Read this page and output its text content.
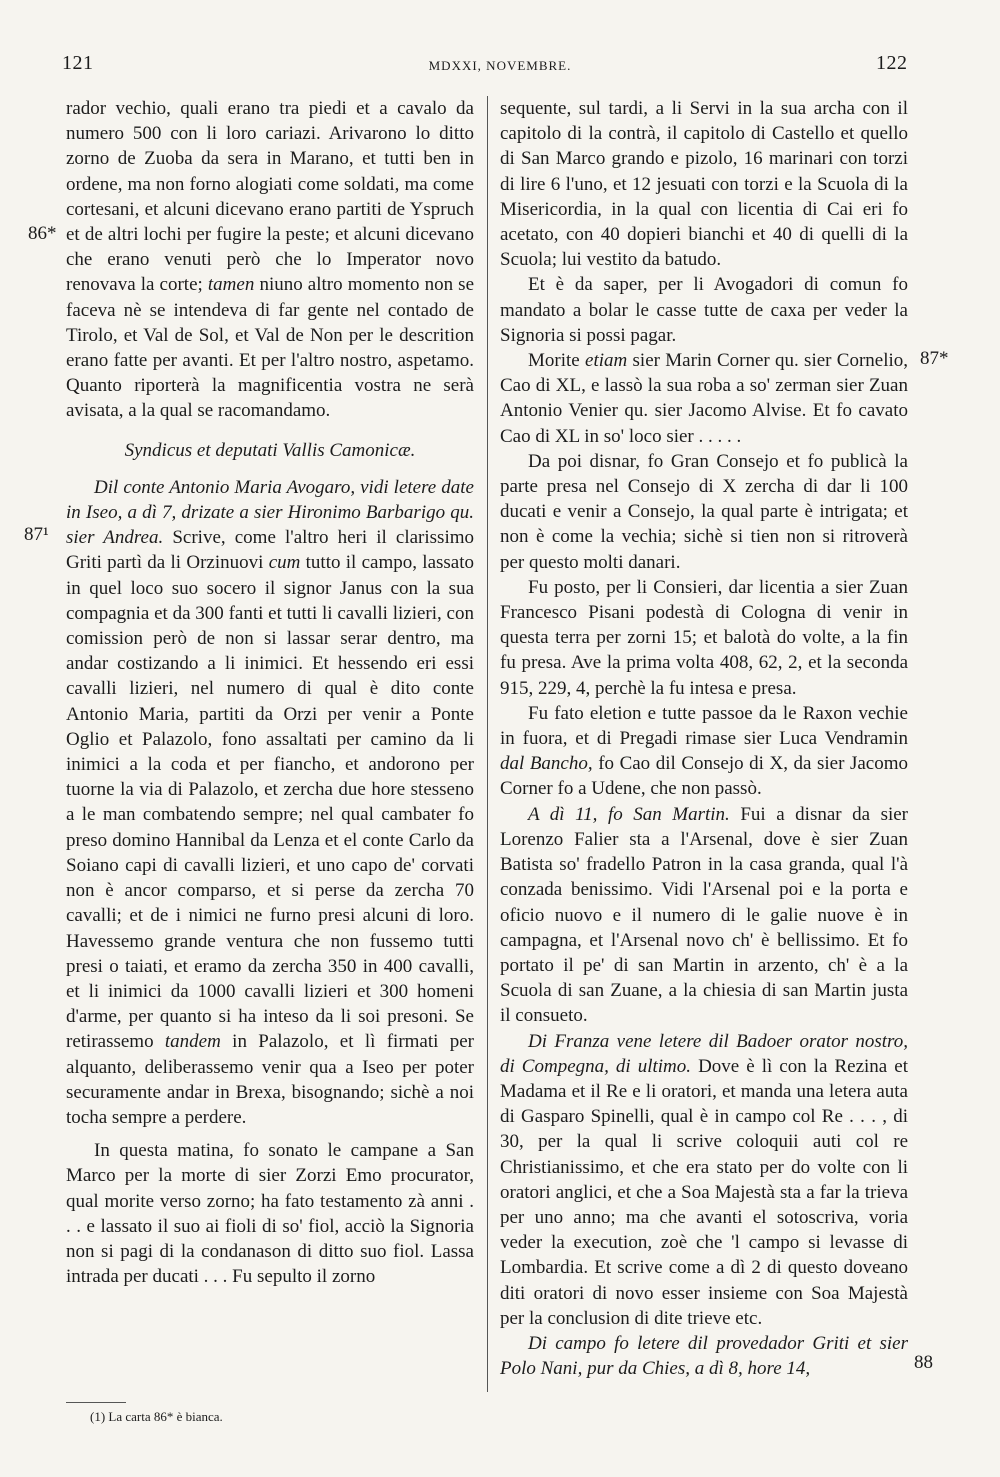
121	MDXXI, NOVEMBRE.	122
86*
87¹
87*
88

rador vechio, quali erano tra piedi et a cavalo da numero 500 con li loro cariazi. Arivarono lo ditto zorno de Zuoba da sera in Marano, et tutti ben in ordene, ma non forno alogiati come soldati, ma come cortesani, et alcuni dicevano erano partiti de Yspruch et de altri lochi per fugire la peste; et alcuni dicevano che erano venuti però che lo Imperator novo renovava la corte; tamen niuno altro momento non se faceva nè se intendeva di far gente nel contado de Tirolo, et Val de Sol, et Val de Non per le descrition erano fatte per avanti. Et per l'altro nostro, aspetamo. Quanto riporterà la magnificentia vostra ne serà avisata, a la qual se racomandamo.

Syndicus et deputati Vallis Camonicæ.

Dil conte Antonio Maria Avogaro, vidi letere date in Iseo, a dì 7, drizate a sier Hironimo Barbarigo qu. sier Andrea. Scrive, come l'altro heri il clarissimo Griti partì da li Orzinuovi cum tutto il campo, lassato in quel loco suo socero il signor Janus con la sua compagnia et da 300 fanti et tutti li cavalli lizieri, con comission però de non si lassar serar dentro, ma andar costizando a li inimici. Et hessendo eri essi cavalli lizieri, nel numero di qual è dito conte Antonio Maria, partiti da Orzi per venir a Ponte Oglio et Palazolo, fono assaltati per camino da li inimici a la coda et per fiancho, et andorono per tuorne la via di Palazolo, et zercha due hore stesseno a le man combatendo sempre; nel qual cambater fo preso domino Hannibal da Lenza et el conte Carlo da Soiano capi di cavalli lizieri, et uno capo de' corvati non è ancor comparso, et si perse da zercha 70 cavalli; et de i nimici ne furno presi alcuni di loro. Havessemo grande ventura che non fussemo tutti presi o taiati, et eramo da zercha 350 in 400 cavalli, et li inimici da 1000 cavalli lizieri et 300 homeni d'arme, per quanto si ha inteso da li soi presoni. Se retirassemo tandem in Palazolo, et lì firmati per alquanto, deliberassemo venir qua a Iseo per poter securamente andar in Brexa, bisognando; sichè a noi tocha sempre a perdere.

In questa matina, fo sonato le campane a San Marco per la morte di sier Zorzi Emo procurator, qual morite verso zorno; ha fato testamento zà anni . . . e lassato il suo ai fioli di so' fiol, acciò la Signoria non si pagi di la condanason di ditto suo fiol. Lassa intrada per ducati . . . Fu sepulto il zorno

sequente, sul tardi, a li Servi in la sua archa con il capitolo di la contrà, il capitolo di Castello et quello di San Marco grando e pizolo, 16 marinari con torzi di lire 6 l'uno, et 12 jesuati con torzi e la Scuola di la Misericordia, in la qual con licentia di Cai eri fo acetato, con 40 dopieri bianchi et 40 di quelli di la Scuola; lui vestito da batudo.

Et è da saper, per li Avogadori di comun fo mandato a bolar le casse tutte de caxa per veder la Signoria si possi pagar.

Morite etiam sier Marin Corner qu. sier Cornelio, Cao di XL, e lassò la sua roba a so' zerman sier Zuan Antonio Venier qu. sier Jacomo Alvise. Et fo cavato Cao di XL in so' loco sier . . . . .

Da poi disnar, fo Gran Consejo et fo publicà la parte presa nel Consejo di X zercha di dar li 100 ducati e venir a Consejo, la qual parte è intrigata; et non è come la vechia; sichè si tien non si ritroverà per questo molti danari.

Fu posto, per li Consieri, dar licentia a sier Zuan Francesco Pisani podestà di Cologna di venir in questa terra per zorni 15; et balotà do volte, a la fin fu presa. Ave la prima volta 408, 62, 2, et la seconda 915, 229, 4, perchè la fu intesa e presa.

Fu fato eletion e tutte passoe da le Raxon vechie in fuora, et di Pregadi rimase sier Luca Vendramin dal Bancho, fo Cao dil Consejo di X, da sier Jacomo Corner fo a Udene, che non passò.

A dì 11, fo San Martin. Fui a disnar da sier Lorenzo Falier sta a l'Arsenal, dove è sier Zuan Batista so' fradello Patron in la casa granda, qual l'à conzada benissimo. Vidi l'Arsenal poi e la porta e oficio nuovo e il numero di le galie nuove è in campagna, et l'Arsenal novo ch' è bellissimo. Et fo portato il pe' di san Martin in arzento, ch' è a la Scuola di san Zuane, a la chiesia di san Martin justa il consueto.

Di Franza vene letere dil Badoer orator nostro, di Compegna, di ultimo. Dove è lì con la Rezina et Madama et il Re e li oratori, et manda una letera auta di Gasparo Spinelli, qual è in campo col Re . . . , di 30, per la qual li scrive coloquii auti col re Christianissimo, et che era stato per do volte con li oratori anglici, et che a Soa Majestà sta a far la trieva per uno anno; ma che avanti el sotoscriva, voria veder la execution, zoè che 'l campo si levasse di Lombardia. Et scrive come a dì 2 di questo doveano diti oratori di novo esser insieme con Soa Majestà per la conclusion di dite trieve etc.

Di campo fo letere dil provedador Griti et sier Polo Nani, pur da Chies, a dì 8, hore 14,

(1) La carta 86* è bianca.
